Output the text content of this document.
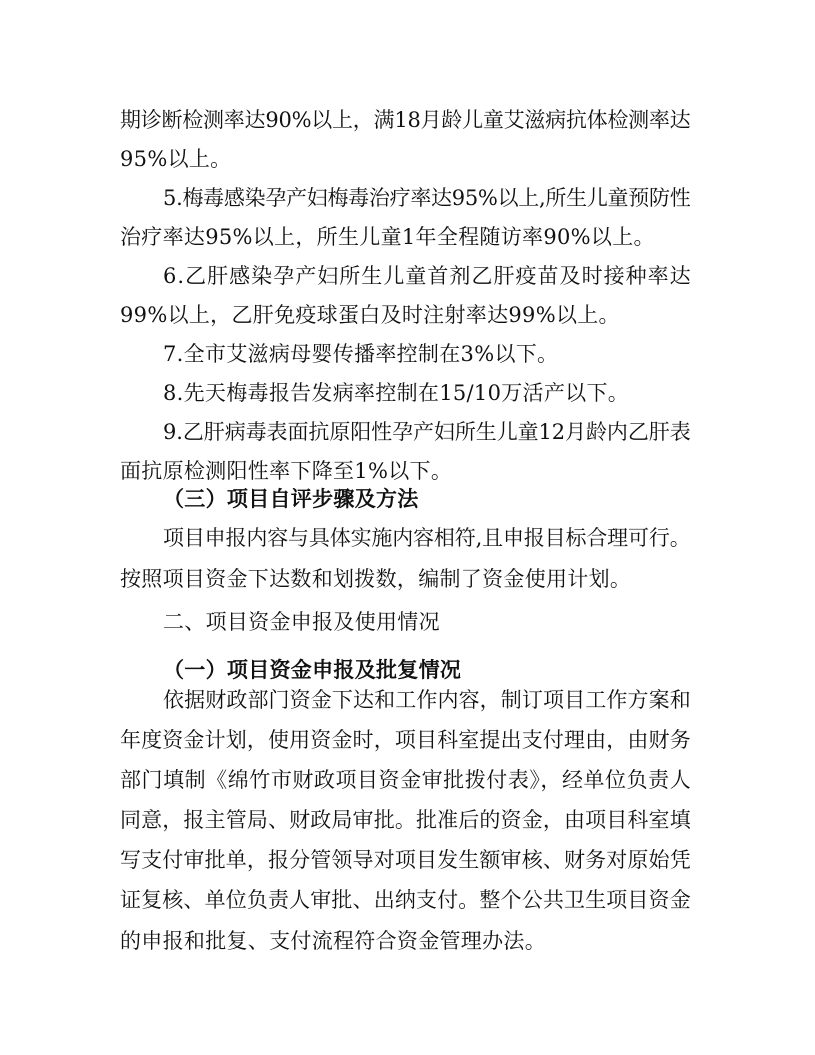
期诊断检测率达90%以上，满18月龄儿童艾滋病抗体检测率达
95%以上。
5.梅毒感染孕产妇梅毒治疗率达95%以上,所生儿童预防性
治疗率达95%以上，所生儿童1年全程随访率90%以上。
6.乙肝感染孕产妇所生儿童首剂乙肝疫苗及时接种率达
99%以上，乙肝免疫球蛋白及时注射率达99%以上。
7.全市艾滋病母婴传播率控制在3%以下。
8.先天梅毒报告发病率控制在15/10万活产以下。
9.乙肝病毒表面抗原阳性孕产妇所生儿童12月龄内乙肝表
面抗原检测阳性率下降至1%以下。
（三）项目自评步骤及方法
项目申报内容与具体实施内容相符,且申报目标合理可行。
按照项目资金下达数和划拨数，编制了资金使用计划。
二、项目资金申报及使用情况
（一）项目资金申报及批复情况
依据财政部门资金下达和工作内容，制订项目工作方案和
年度资金计划，使用资金时，项目科室提出支付理由，由财务
部门填制《绵竹市财政项目资金审批拨付表》，经单位负责人
同意，报主管局、财政局审批。批准后的资金，由项目科室填
写支付审批单，报分管领导对项目发生额审核、财务对原始凭
证复核、单位负责人审批、出纳支付。整个公共卫生项目资金
的申报和批复、支付流程符合资金管理办法。
